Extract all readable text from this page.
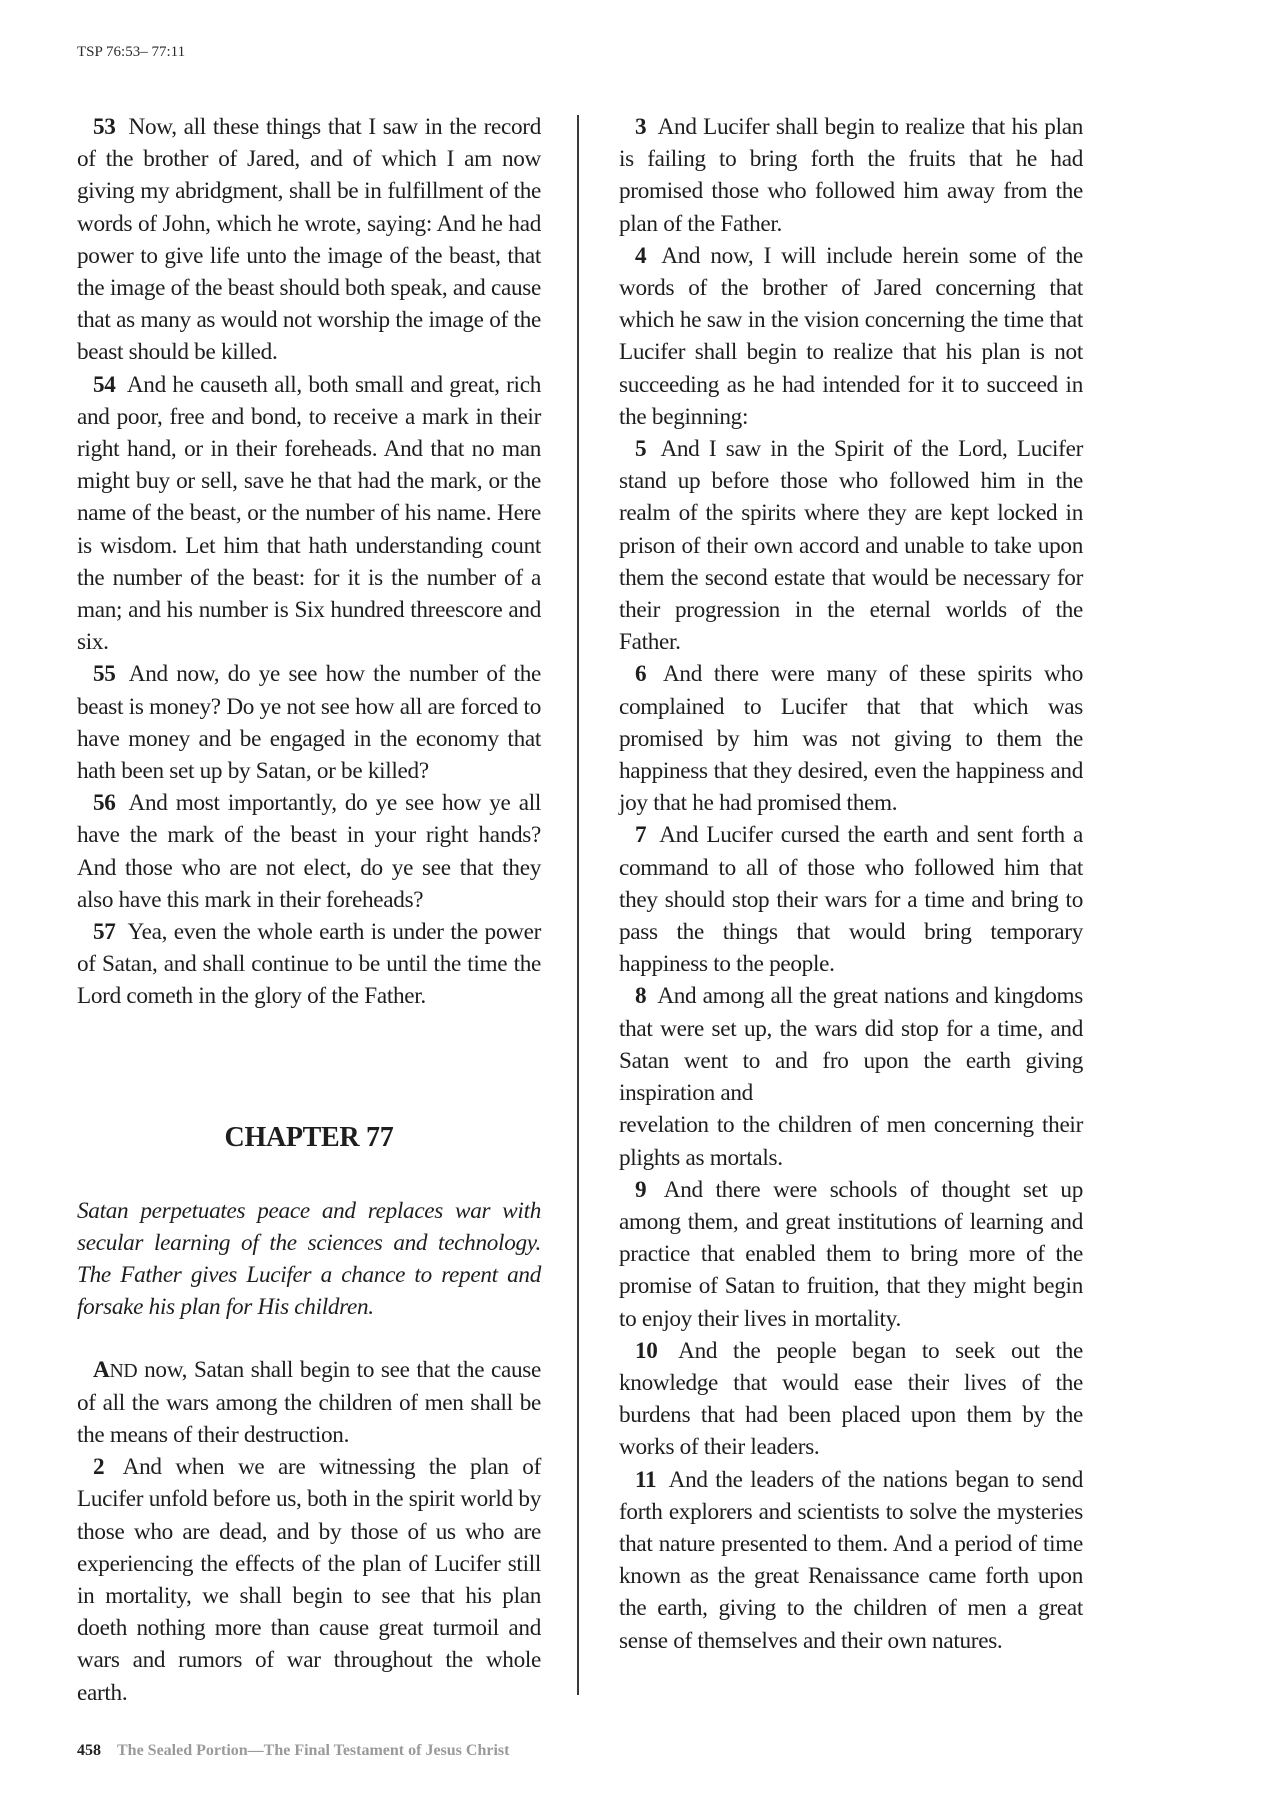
TSP 76:53– 77:11

53 Now, all these things that I saw in the record of the brother of Jared, and of which I am now giving my abridgment, shall be in fulfillment of the words of John, which he wrote, saying: And he had power to give life unto the image of the beast, that the image of the beast should both speak, and cause that as many as would not worship the image of the beast should be killed.

54 And he causeth all, both small and great, rich and poor, free and bond, to receive a mark in their right hand, or in their foreheads. And that no man might buy or sell, save he that had the mark, or the name of the beast, or the number of his name. Here is wisdom. Let him that hath understanding count the number of the beast: for it is the number of a man; and his number is Six hundred threescore and six.

55 And now, do ye see how the number of the beast is money? Do ye not see how all are forced to have money and be engaged in the economy that hath been set up by Satan, or be killed?

56 And most importantly, do ye see how ye all have the mark of the beast in your right hands? And those who are not elect, do ye see that they also have this mark in their foreheads?

57 Yea, even the whole earth is under the power of Satan, and shall continue to be until the time the Lord cometh in the glory of the Father.

CHAPTER 77

Satan perpetuates peace and replaces war with secular learning of the sciences and technology. The Father gives Lucifer a chance to repent and forsake his plan for His children.

AND now, Satan shall begin to see that the cause of all the wars among the children of men shall be the means of their destruction.

2 And when we are witnessing the plan of Lucifer unfold before us, both in the spirit world by those who are dead, and by those of us who are experiencing the effects of the plan of Lucifer still in mortality, we shall begin to see that his plan doeth nothing more than cause great turmoil and wars and rumors of war throughout the whole earth.

3 And Lucifer shall begin to realize that his plan is failing to bring forth the fruits that he had promised those who followed him away from the plan of the Father.

4 And now, I will include herein some of the words of the brother of Jared concerning that which he saw in the vision concerning the time that Lucifer shall begin to realize that his plan is not succeeding as he had intended for it to succeed in the beginning:

5 And I saw in the Spirit of the Lord, Lucifer stand up before those who followed him in the realm of the spirits where they are kept locked in prison of their own accord and unable to take upon them the second estate that would be necessary for their progression in the eternal worlds of the Father.

6 And there were many of these spirits who complained to Lucifer that that which was promised by him was not giving to them the happiness that they desired, even the happiness and joy that he had promised them.

7 And Lucifer cursed the earth and sent forth a command to all of those who followed him that they should stop their wars for a time and bring to pass the things that would bring temporary happiness to the people.

8 And among all the great nations and kingdoms that were set up, the wars did stop for a time, and Satan went to and fro upon the earth giving inspiration and

revelation to the children of men concerning their plights as mortals.

9 And there were schools of thought set up among them, and great institutions of learning and practice that enabled them to bring more of the promise of Satan to fruition, that they might begin to enjoy their lives in mortality.

10 And the people began to seek out the knowledge that would ease their lives of the burdens that had been placed upon them by the works of their leaders.

11 And the leaders of the nations began to send forth explorers and scientists to solve the mysteries that nature presented to them. And a period of time known as the great Renaissance came forth upon the earth, giving to the children of men a great sense of themselves and their own natures.

458 The Sealed Portion—The Final Testament of Jesus Christ
